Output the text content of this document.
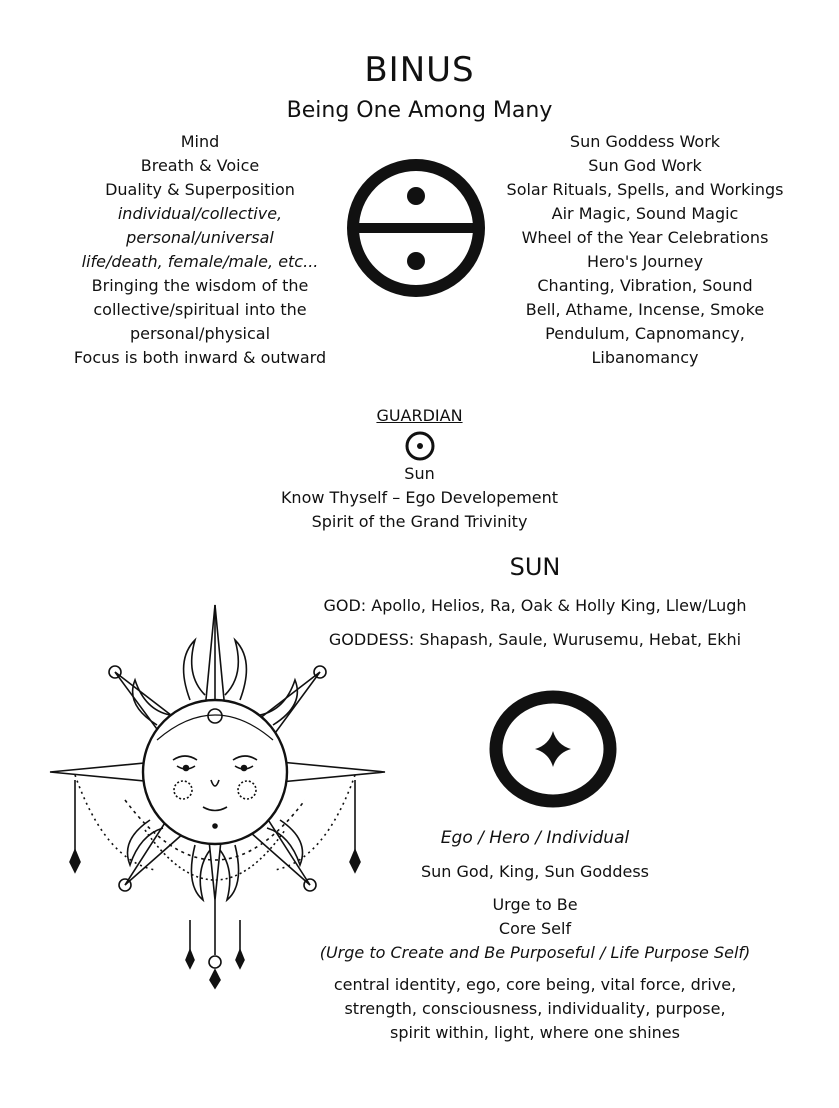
BINUS
Being One Among Many
Mind
Breath & Voice
Duality & Superposition
individual/collective,
personal/universal
life/death, female/male, etc...
Bringing the wisdom of the
collective/spiritual into the
personal/physical
Focus is both inward & outward
Sun Goddess Work
Sun God Work
Solar Rituals, Spells, and Workings
Air Magic, Sound Magic
Wheel of the Year Celebrations
Hero's Journey
Chanting, Vibration, Sound
Bell, Athame, Incense, Smoke
Pendulum, Capnomancy,
Libanomancy
GUARDIAN
Sun
Know Thyself – Ego Developement
Spirit of the Grand Trivinity
SUN
GOD: Apollo, Helios, Ra, Oak & Holly King, Llew/Lugh
GODDESS: Shapash, Saule, Wurusemu, Hebat, Ekhi
Ego / Hero / Individual
Sun God, King, Sun Goddess
Urge to Be
Core Self
(Urge to Create and Be Purposeful / Life Purpose Self)
central identity, ego, core being, vital force, drive,
strength, consciousness, individuality, purpose,
spirit within, light, where one shines
